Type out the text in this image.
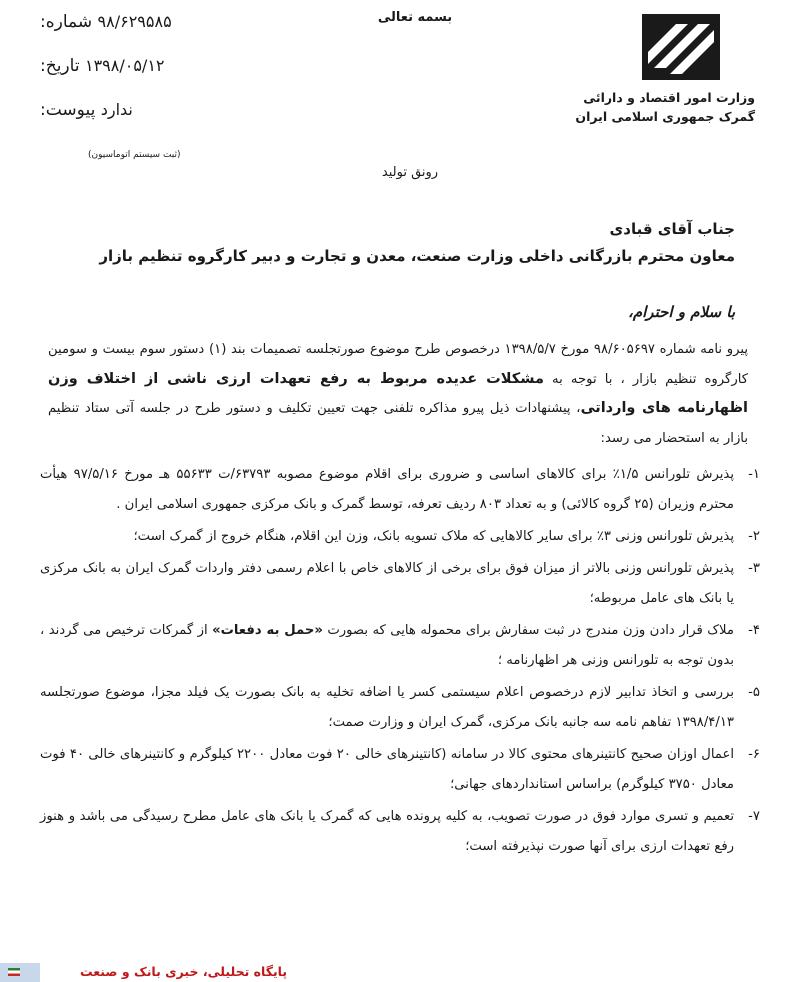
وزارت امور اقتصاد و دارائی
گمرک جمهوری اسلامی ایران
بسمه تعالی
شماره: ۹۸/۶۲۹۵۸۵
تاریخ: ۱۳۹۸/۰۵/۱۲
پیوست: ندارد
(ثبت سیستم اتوماسیون)
رونق تولید
جناب آقای قبادی
معاون محترم بازرگانی داخلی وزارت صنعت، معدن و تجارت و دبیر کارگروه تنظیم بازار
با سلام و احترام،
پیرو نامه شماره ۹۸/۶۰۵۶۹۷ مورخ ۱۳۹۸/۵/۷ درخصوص طرح موضوع صورتجلسه تصمیمات بند (۱) دستور سوم بیست و سومین کارگروه تنظیم بازار ، با توجه به مشکلات عدیده مربوط به رفع تعهدات ارزی ناشی از اختلاف وزن اظهارنامه های وارداتی، پیشنهادات ذیل پیرو مذاکره تلفنی جهت تعیین تکلیف و دستور طرح در جلسه آتی ستاد تنظیم بازار به استحضار می رسد:
۱-
پذیرش تلورانس ۱/۵٪ برای کالاهای اساسی و ضروری برای اقلام موضوع مصوبه ۶۳۷۹۳/ت ۵۵۶۳۳ هـ مورخ ۹۷/۵/۱۶ هیأت محترم وزیران (۲۵ گروه کالائی) و به تعداد ۸۰۳ ردیف تعرفه، توسط گمرک و بانک مرکزی جمهوری اسلامی ایران .
۲-
پذیرش تلورانس وزنی ۳٪ برای سایر کالاهایی که ملاک تسویه بانک، وزن این اقلام، هنگام خروج از گمرک است؛
۳-
پذیرش تلورانس وزنی بالاتر از میزان فوق برای برخی از کالاهای خاص با اعلام رسمی دفتر واردات گمرک ایران به بانک مرکزی یا بانک های عامل مربوطه؛
۴-
ملاک قرار دادن وزن مندرج در ثبت سفارش برای محموله هایی که بصورت «حمل به دفعات» از گمرکات ترخیص می گردند ، بدون توجه به تلورانس وزنی هر اظهارنامه ؛
۵-
بررسی و اتخاذ تدابیر لازم درخصوص اعلام سیستمی کسر یا اضافه تخلیه به بانک بصورت یک فیلد مجزا، موضوع صورتجلسه ۱۳۹۸/۴/۱۳ تفاهم نامه سه جانبه بانک مرکزی، گمرک ایران و وزارت صمت؛
۶-
اعمال اوزان صحیح کانتینرهای محتوی کالا در سامانه (کانتینرهای خالی ۲۰ فوت معادل ۲۲۰۰ کیلوگرم و کانتینرهای خالی ۴۰ فوت معادل ۳۷۵۰ کیلوگرم) براساس استانداردهای جهانی؛
۷-
تعمیم و تسری موارد فوق در صورت تصویب، به کلیه پرونده هایی که گمرک یا بانک های عامل مطرح رسیدگی می باشد و هنوز رفع تعهدات ارزی برای آنها صورت نپذیرفته است؛
پایگاه تحلیلی، خبری بانک و صنعت
